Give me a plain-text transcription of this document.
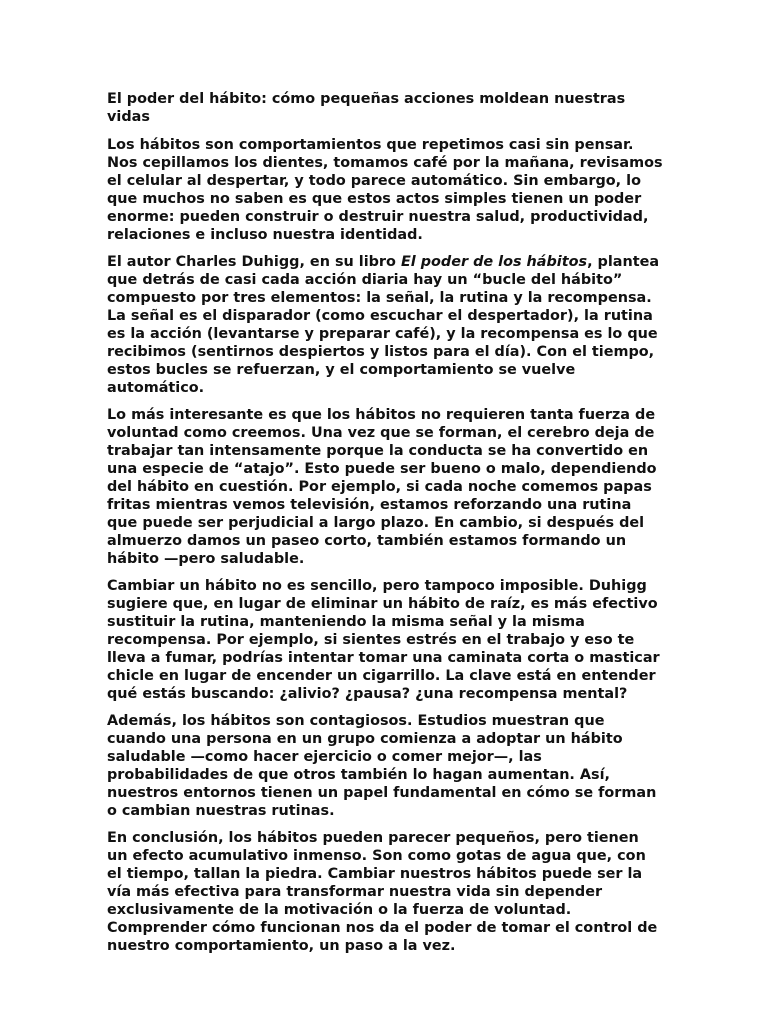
El poder del hábito: cómo pequeñas acciones moldean nuestras vidas

Los hábitos son comportamientos que repetimos casi sin pensar. Nos cepillamos los dientes, tomamos café por la mañana, revisamos el celular al despertar, y todo parece automático. Sin embargo, lo que muchos no saben es que estos actos simples tienen un poder enorme: pueden construir o destruir nuestra salud, productividad, relaciones e incluso nuestra identidad.

El autor Charles Duhigg, en su libro El poder de los hábitos, plantea que detrás de casi cada acción diaria hay un “bucle del hábito” compuesto por tres elementos: la señal, la rutina y la recompensa. La señal es el disparador (como escuchar el despertador), la rutina es la acción (levantarse y preparar café), y la recompensa es lo que recibimos (sentirnos despiertos y listos para el día). Con el tiempo, estos bucles se refuerzan, y el comportamiento se vuelve automático.

Lo más interesante es que los hábitos no requieren tanta fuerza de voluntad como creemos. Una vez que se forman, el cerebro deja de trabajar tan intensamente porque la conducta se ha convertido en una especie de “atajo”. Esto puede ser bueno o malo, dependiendo del hábito en cuestión. Por ejemplo, si cada noche comemos papas fritas mientras vemos televisión, estamos reforzando una rutina que puede ser perjudicial a largo plazo. En cambio, si después del almuerzo damos un paseo corto, también estamos formando un hábito —pero saludable.

Cambiar un hábito no es sencillo, pero tampoco imposible. Duhigg sugiere que, en lugar de eliminar un hábito de raíz, es más efectivo sustituir la rutina, manteniendo la misma señal y la misma recompensa. Por ejemplo, si sientes estrés en el trabajo y eso te lleva a fumar, podrías intentar tomar una caminata corta o masticar chicle en lugar de encender un cigarrillo. La clave está en entender qué estás buscando: ¿alivio? ¿pausa? ¿una recompensa mental?

Además, los hábitos son contagiosos. Estudios muestran que cuando una persona en un grupo comienza a adoptar un hábito saludable —como hacer ejercicio o comer mejor—, las probabilidades de que otros también lo hagan aumentan. Así, nuestros entornos tienen un papel fundamental en cómo se forman o cambian nuestras rutinas.

En conclusión, los hábitos pueden parecer pequeños, pero tienen un efecto acumulativo inmenso. Son como gotas de agua que, con el tiempo, tallan la piedra. Cambiar nuestros hábitos puede ser la vía más efectiva para transformar nuestra vida sin depender exclusivamente de la motivación o la fuerza de voluntad. Comprender cómo funcionan nos da el poder de tomar el control de nuestro comportamiento, un paso a la vez.
